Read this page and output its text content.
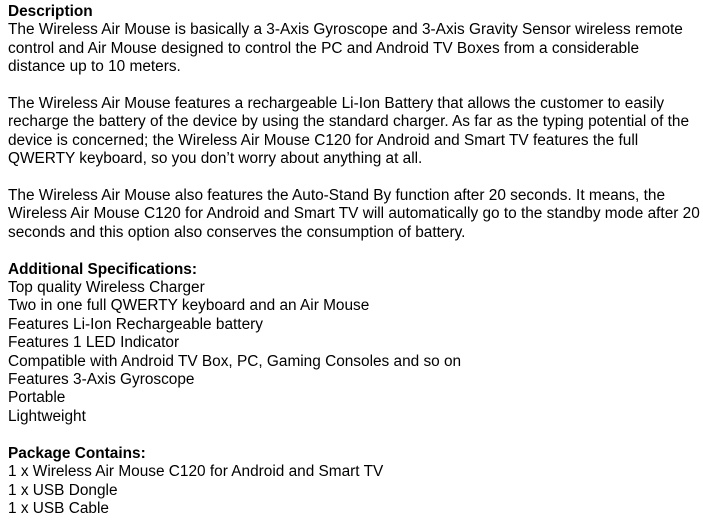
Description

The Wireless Air Mouse is basically a 3-Axis Gyroscope and 3-Axis Gravity Sensor wireless remote control and Air Mouse designed to control the PC and Android TV Boxes from a considerable distance up to 10 meters.

The Wireless Air Mouse features a rechargeable Li-Ion Battery that allows the customer to easily recharge the battery of the device by using the standard charger. As far as the typing potential of the device is concerned; the Wireless Air Mouse C120 for Android and Smart TV features the full QWERTY keyboard, so you don’t worry about anything at all.

The Wireless Air Mouse also features the Auto-Stand By function after 20 seconds. It means, the Wireless Air Mouse C120 for Android and Smart TV will automatically go to the standby mode after 20 seconds and this option also conserves the consumption of battery.

Additional Specifications:
Top quality Wireless Charger
Two in one full QWERTY keyboard and an Air Mouse
Features Li-Ion Rechargeable battery
Features 1 LED Indicator
Compatible with Android TV Box, PC, Gaming Consoles and so on
Features 3-Axis Gyroscope
Portable
Lightweight
Package Contains:
1 x Wireless Air Mouse C120 for Android and Smart TV
1 x USB Dongle
1 x USB Cable
